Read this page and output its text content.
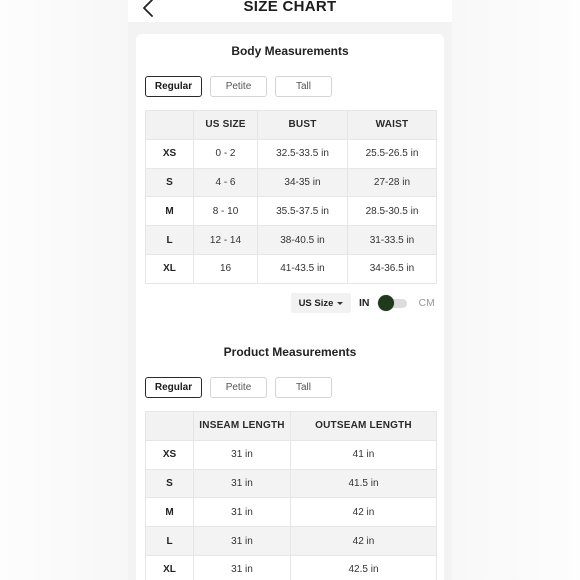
SIZE CHART
Body Measurements
Regular	Petite	Tall
	US SIZE	BUST	WAIST
XS	0 - 2	32.5-33.5 in	25.5-26.5 in
S	4 - 6	34-35 in	27-28 in
M	8 - 10	35.5-37.5 in	28.5-30.5 in
L	12 - 14	38-40.5 in	31-33.5 in
XL	16	41-43.5 in	34-36.5 in
US Size IN	CM
Product Measurements
Regular	Petite	Tall
	INSEAM LENGTH	OUTSEAM LENGTH
XS	31 in	41 in
S	31 in	41.5 in
M	31 in	42 in
L	31 in	42 in
XL	31 in	42.5 in
